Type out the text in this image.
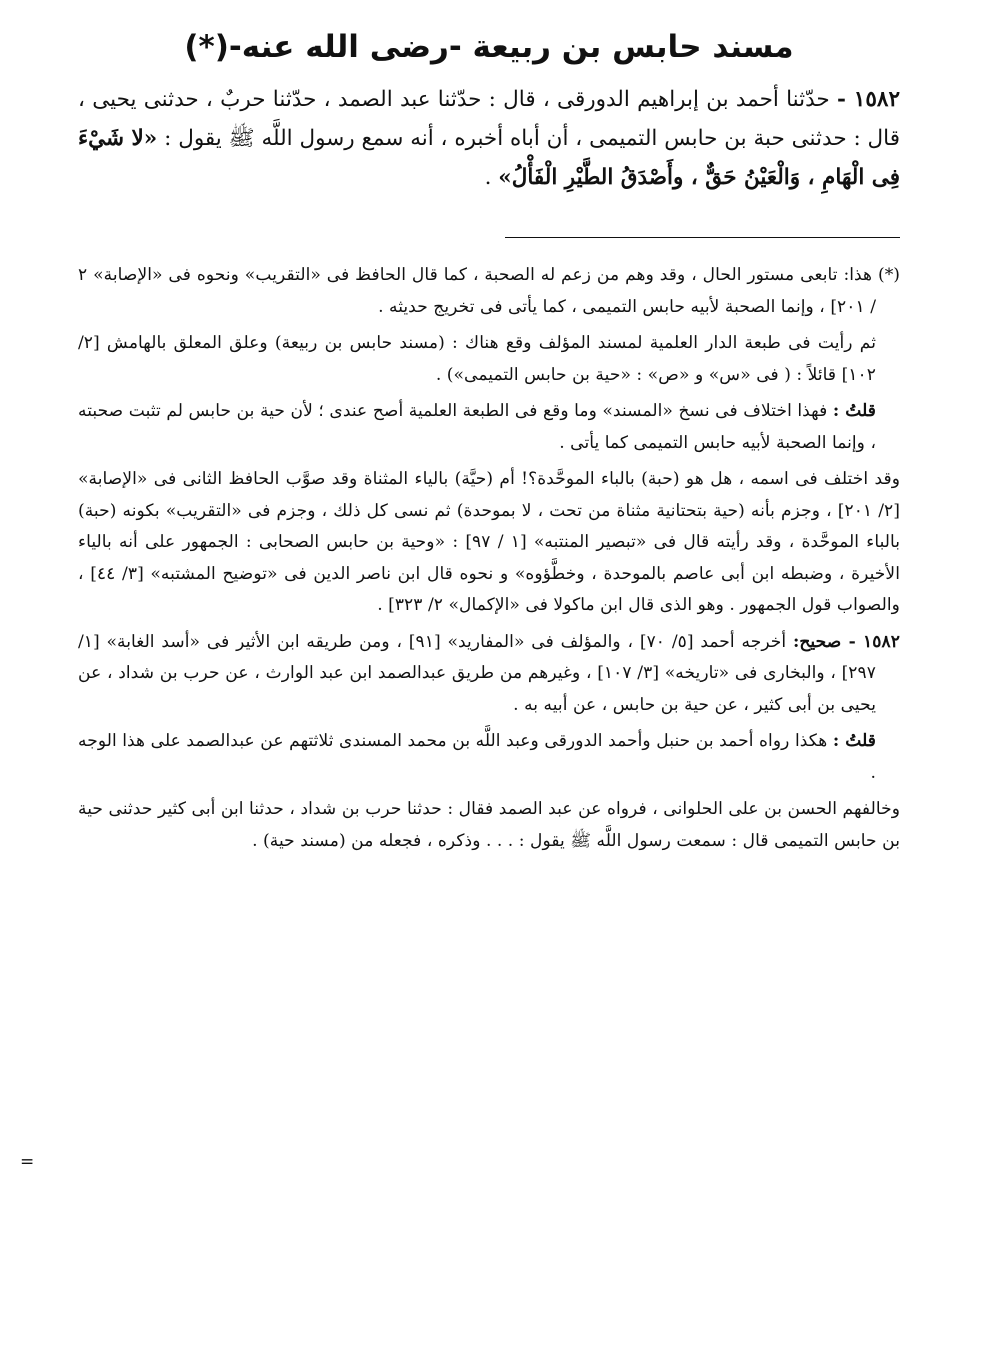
مسند حابس بن ربيعة -رضى الله عنه-(*)

١٥٨٢ - حدّثنا أحمد بن إبراهيم الدورقى ، قال : حدّثنا عبد الصمد ، حدّثنا حربٌ ، حدثنى يحيى ، قال : حدثنى حبة بن حابس التميمى ، أن أباه أخبره ، أنه سمع رسول اللَّه ﷺ يقول : «لا شَيْءَ فِى الْهَامِ ، وَالْعَيْنُ حَقٌّ ، وأَصْدَقُ الطَّيْرِ الْفَأْلُ» .

(*) هذا: تابعى مستور الحال ، وقد وهم من زعم له الصحبة ، كما قال الحافظ فى «التقريب» ونحوه فى «الإصابة» ٢ / ٢٠١] ، وإنما الصحبة لأبيه حابس التميمى ، كما يأتى فى تخريج حديثه .

ثم رأيت فى طبعة الدار العلمية لمسند المؤلف وقع هناك : (مسند حابس بن ربيعة) وعلق المعلق بالهامش [٢/ ١٠٢] قائلاً : ( فى «س» و «ص» : «حية بن حابس التميمى») .

قلتُ : فهذا اختلاف فى نسخ «المسند» وما وقع فى الطبعة العلمية أصح عندى ؛ لأن حية بن حابس لم تثبت صحبته ، وإنما الصحبة لأبيه حابس التميمى كما يأتى .

وقد اختلف فى اسمه ، هل هو (حبة) بالباء الموحَّدة؟! أم (حيَّة) بالياء المثناة وقد صوَّب الحافظ الثانى فى «الإصابة» [٢/ ٢٠١] ، وجزم بأنه (حية بتحتانية مثناة من تحت ، لا بموحدة) ثم نسى كل ذلك ، وجزم فى «التقريب» بكونه (حبة) بالباء الموحَّدة ، وقد رأيته قال فى «تبصير المنتبه» [١ / ٩٧] : «وحية بن حابس الصحابى : الجمهور على أنه بالياء الأخيرة ، وضبطه ابن أبى عاصم بالموحدة ، وخطَّؤوه» و نحوه قال ابن ناصر الدين فى «توضيح المشتبه» [٣/ ٤٤] ، والصواب قول الجمهور . وهو الذى قال ابن ماكولا فى «الإكمال» ٢/ ٣٢٣] .

١٥٨٢ - صحيح: أخرجه أحمد [٥/ ٧٠] ، والمؤلف فى «المفاريد» [٩١] ، ومن طريقه ابن الأثير فى «أسد الغابة» [١/ ٢٩٧] ، والبخارى فى «تاريخه» [٣/ ١٠٧] ، وغيرهم من طريق عبدالصمد ابن عبد الوارث ، عن حرب بن شداد ، عن يحيى بن أبى كثير ، عن حية بن حابس ، عن أبيه به .

قلتُ : هكذا رواه أحمد بن حنبل وأحمد الدورقى وعبد اللَّه بن محمد المسندى ثلاثتهم عن عبدالصمد على هذا الوجه .

وخالفهم الحسن بن على الحلوانى ، فرواه عن عبد الصمد فقال : حدثنا حرب بن شداد ، حدثنا ابن أبى كثير حدثنى حية بن حابس التميمى قال : سمعت رسول اللَّه ﷺ يقول : . . . وذكره ، فجعله من (مسند حية) .

=
